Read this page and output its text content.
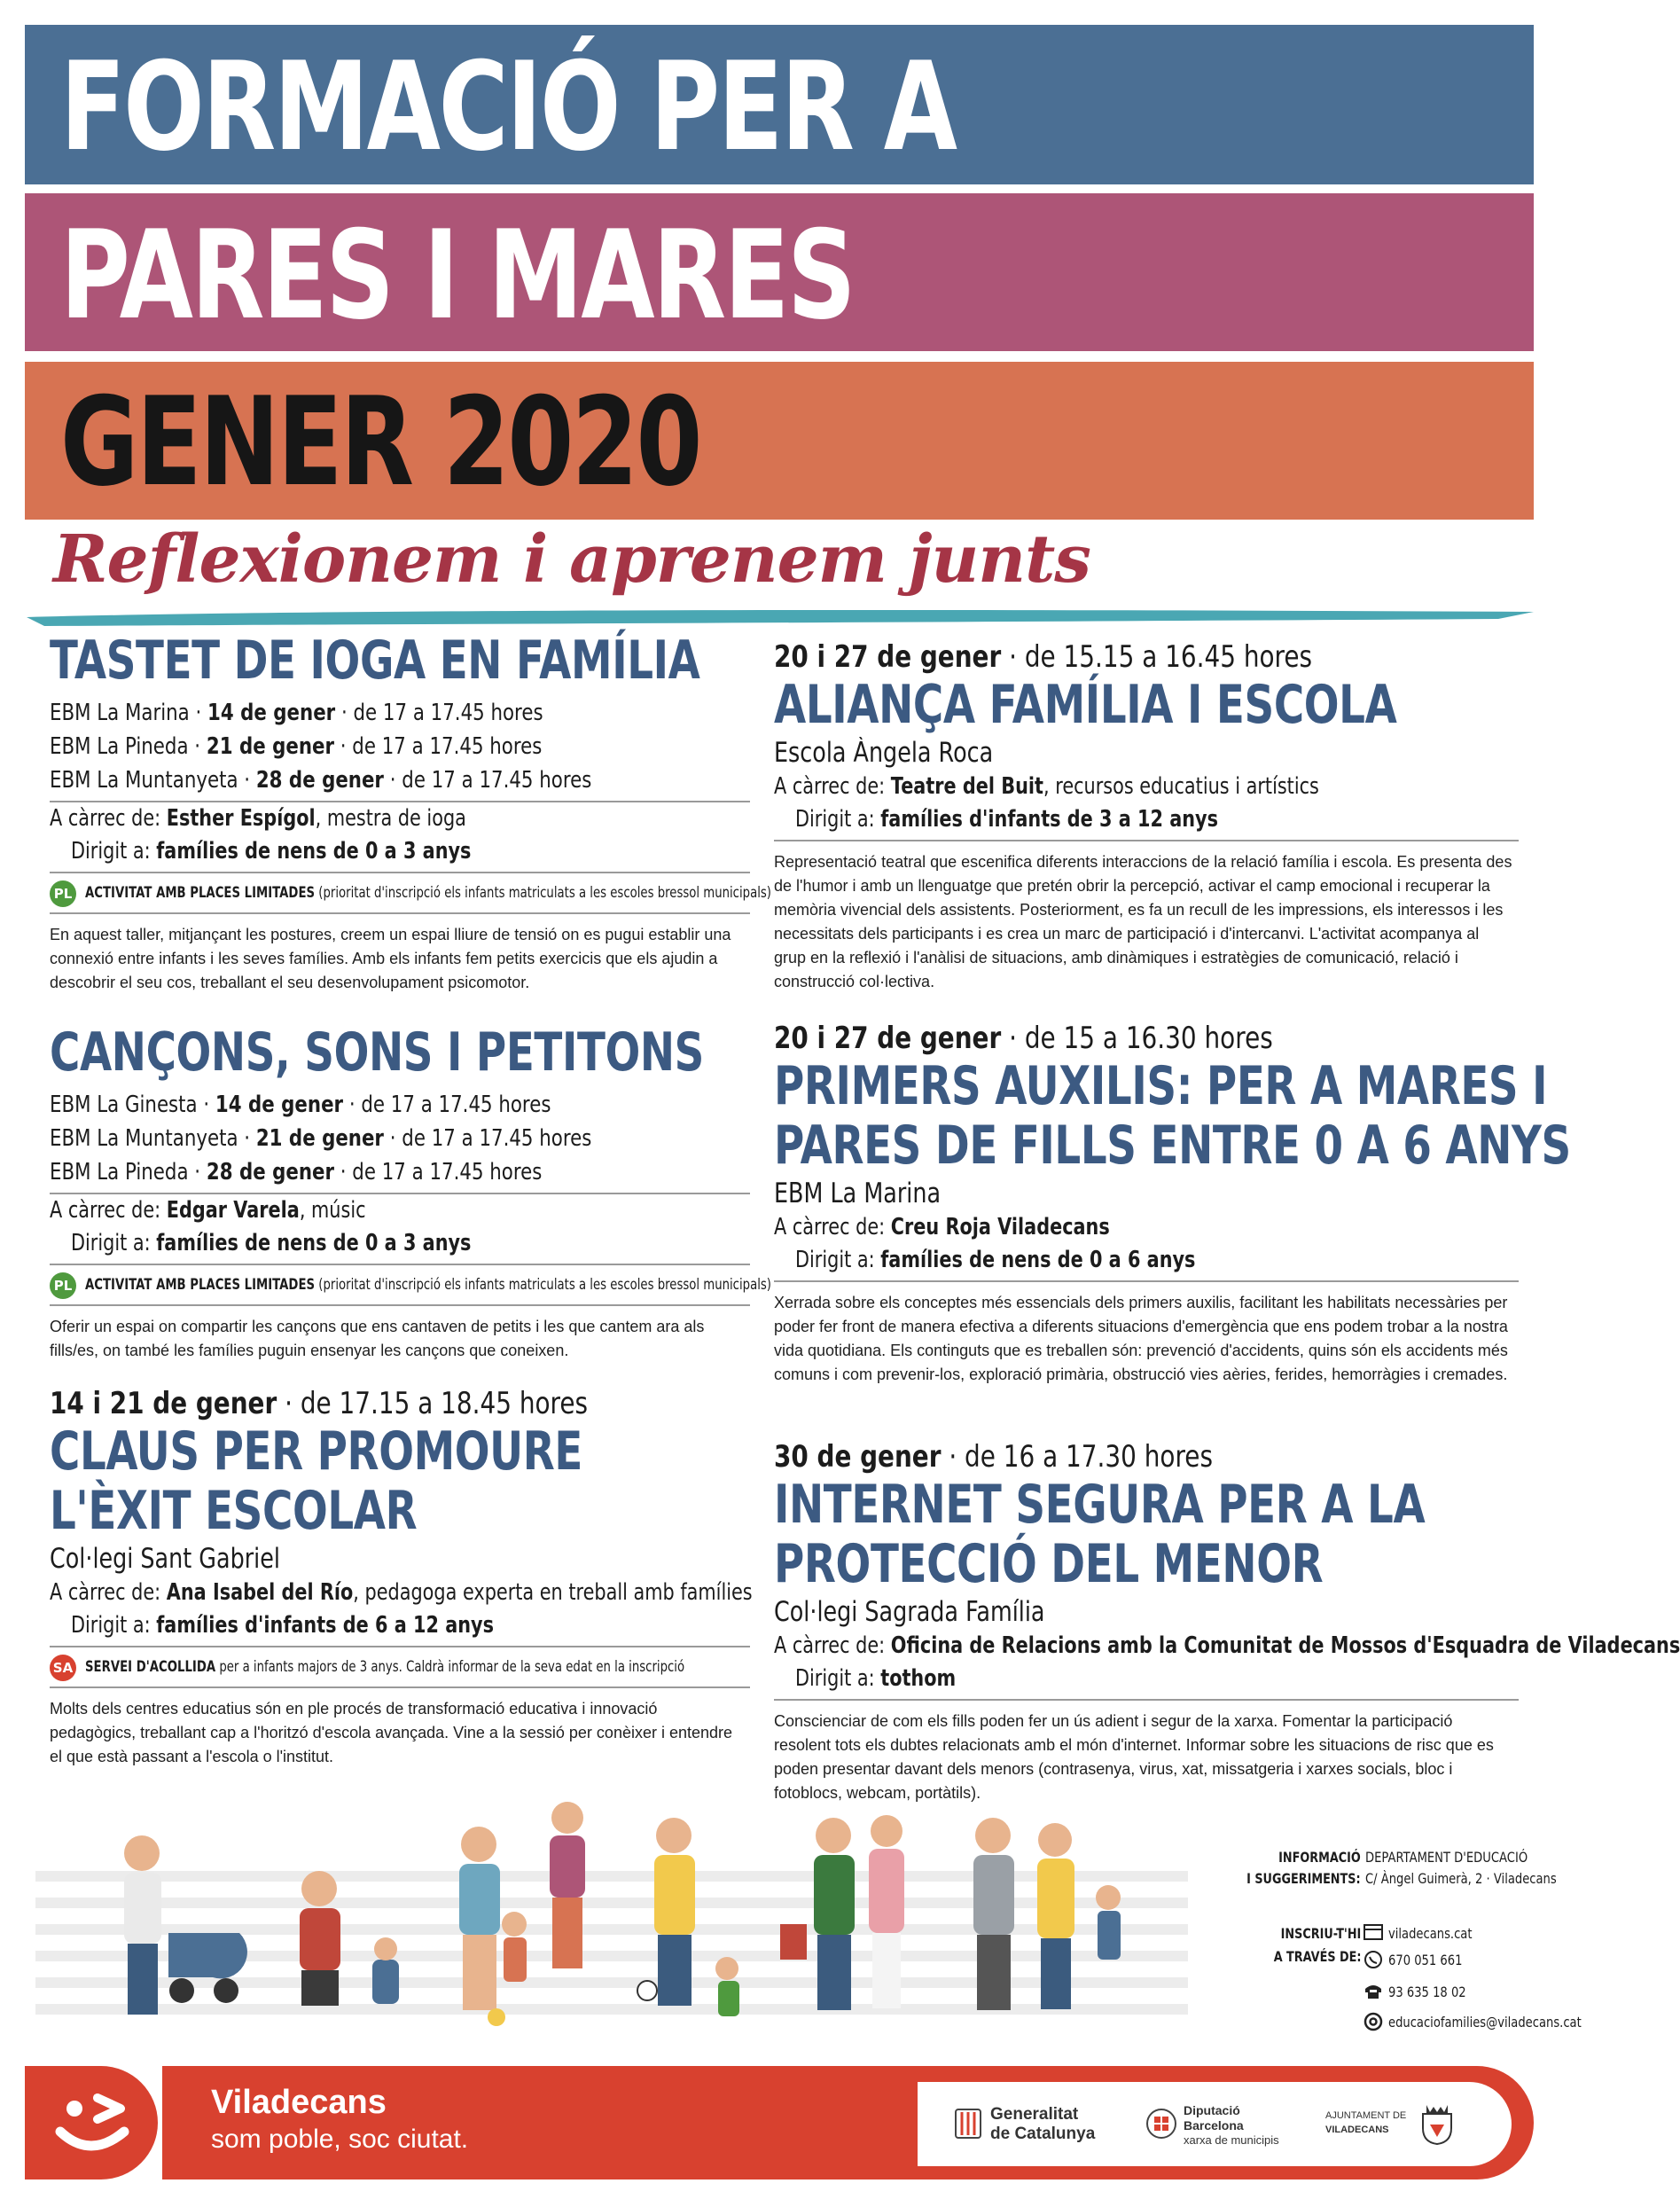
FORMACIÓ PER A
PARES I MARES
GENER 2020
Reflexionem i aprenem junts
TASTET DE IOGA EN FAMÍLIA
EBM La Marina · 14 de gener · de 17 a 17.45 hores
EBM La Pineda · 21 de gener · de 17 a 17.45 hores
EBM La Muntanyeta · 28 de gener · de 17 a 17.45 hores
A càrrec de: Esther Espígol, mestra de ioga
Dirigit a: famílies de nens de 0 a 3 anys
PL ACTIVITAT AMB PLACES LIMITADES (prioritat d'inscripció els infants matriculats a les escoles bressol municipals)
En aquest taller, mitjançant les postures, creem un espai lliure de tensió on es pugui establir una connexió entre infants i les seves famílies. Amb els infants fem petits exercicis que els ajudin a descobrir el seu cos, treballant el seu desenvolupament psicomotor.
CANÇONS, SONS I PETITONS
EBM La Ginesta · 14 de gener · de 17 a 17.45 hores
EBM La Muntanyeta · 21 de gener · de 17 a 17.45 hores
EBM La Pineda · 28 de gener · de 17 a 17.45 hores
A càrrec de: Edgar Varela, músic
Dirigit a: famílies de nens de 0 a 3 anys
PL ACTIVITAT AMB PLACES LIMITADES (prioritat d'inscripció els infants matriculats a les escoles bressol municipals)
Oferir un espai on compartir les cançons que ens cantaven de petits i les que cantem ara als fills/es, on també les famílies puguin ensenyar les cançons que coneixen.
14 i 21 de gener · de 17.15 a 18.45 hores
CLAUS PER PROMOURE
L'ÈXIT ESCOLAR
Col·legi Sant Gabriel
A càrrec de: Ana Isabel del Río, pedagoga experta en treball amb famílies
Dirigit a: famílies d'infants de 6 a 12 anys
SA SERVEI D'ACOLLIDA per a infants majors de 3 anys. Caldrà informar de la seva edat en la inscripció
Molts dels centres educatius són en ple procés de transformació educativa i innovació pedagògics, treballant cap a l'horitzó d'escola avançada. Vine a la sessió per conèixer i entendre el que està passant a l'escola o l'institut.
20 i 27 de gener · de 15.15 a 16.45 hores
ALIANÇA FAMÍLIA I ESCOLA
Escola Àngela Roca
A càrrec de: Teatre del Buit, recursos educatius i artístics
Dirigit a: famílies d'infants de 3 a 12 anys
Representació teatral que escenifica diferents interaccions de la relació família i escola. Es presenta des de l'humor i amb un llenguatge que pretén obrir la percepció, activar el camp emocional i recuperar la memòria vivencial dels assistents. Posteriorment, es fa un recull de les impressions, els interessos i les necessitats dels participants i es crea un marc de participació i d'intercanvi. L'activitat acompanya al grup en la reflexió i l'anàlisi de situacions, amb dinàmiques i estratègies de comunicació, relació i construcció col·lectiva.
20 i 27 de gener · de 15 a 16.30 hores
PRIMERS AUXILIS: PER A MARES I
PARES DE FILLS ENTRE 0 A 6 ANYS
EBM La Marina
A càrrec de: Creu Roja Viladecans
Dirigit a: famílies de nens de 0 a 6 anys
Xerrada sobre els conceptes més essencials dels primers auxilis, facilitant les habilitats necessàries per poder fer front de manera efectiva a diferents situacions d'emergència que ens podem trobar a la nostra vida quotidiana. Els continguts que es treballen són: prevenció d'accidents, quins són els accidents més comuns i com prevenir-los, exploració primària, obstrucció vies aèries, ferides, hemorràgies i cremades.
30 de gener · de 16 a 17.30 hores
INTERNET SEGURA PER A LA
PROTECCIÓ DEL MENOR
Col·legi Sagrada Família
A càrrec de: Oficina de Relacions amb la Comunitat de Mossos d'Esquadra de Viladecans
Dirigit a: tothom
Conscienciar de com els fills poden fer un ús adient i segur de la xarxa. Fomentar la participació resolent tots els dubtes relacionats amb el món d'internet. Informar sobre les situacions de risc que es poden presentar davant dels menors (contrasenya, virus, xat, missatgeria i xarxes socials, bloc i fotoblocs, webcam, portàtils).
INFORMACIÓ
I SUGGERIMENTS:
DEPARTAMENT D'EDUCACIÓ
C/ Àngel Guimerà, 2 · Viladecans
INSCRIU-T'HI
A TRAVÉS DE:
viladecans.cat
670 051 661
93 635 18 02
educaciofamilies@viladecans.cat
Viladecans
som poble, soc ciutat.
Generalitat
de Catalunya
Diputació
Barcelona
xarxa de municipis
AJUNTAMENT DE
VILADECANS
